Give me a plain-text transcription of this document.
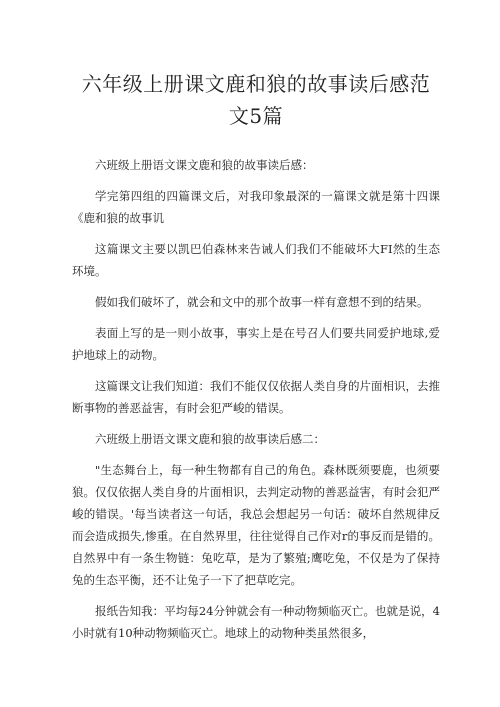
六年级上册课文鹿和狼的故事读后感范文5篇

六班级上册语文课文鹿和狼的故事读后感：

学完第四组的四篇课文后，对我印象最深的一篇课文就是第十四课《鹿和狼的故事讥

这篇课文主要以凯巴伯森林来告诫人们我们不能破坏大FI然的生态环境。

假如我们破坏了，就会和文中的那个故事一样有意想不到的结果。

表面上写的是一则小故事，事实上是在号召人们要共同爱护地球,爱护地球上的动物。

这篇课文让我们知道：我们不能仅仅依据人类自身的片面相识，去推断事物的善恶益害，有时会犯严峻的错误。

六班级上册语文课文鹿和狼的故事读后感二：

"生态舞台上，每一种生物都有自己的角色。森林既须要鹿，也须要狼。仅仅依据人类自身的片面相识，去判定动物的善恶益害，有时会犯严峻的错误。'每当读者这一句话，我总会想起另一句话：破坏自然规律反而会造成损失,惨重。在自然界里，往往觉得自己作对r的事反而是错的。自然界中有一条生物链：兔吃草，是为了繁殖;鹰吃兔，不仅是为了保持兔的生态平衡，还不让兔子一下了把草吃完。

报纸告知我：平均每24分钟就会有一种动物频临灭亡。也就是说，4小时就有10种动物频临灭亡。地球上的动物种类虽然很多，
